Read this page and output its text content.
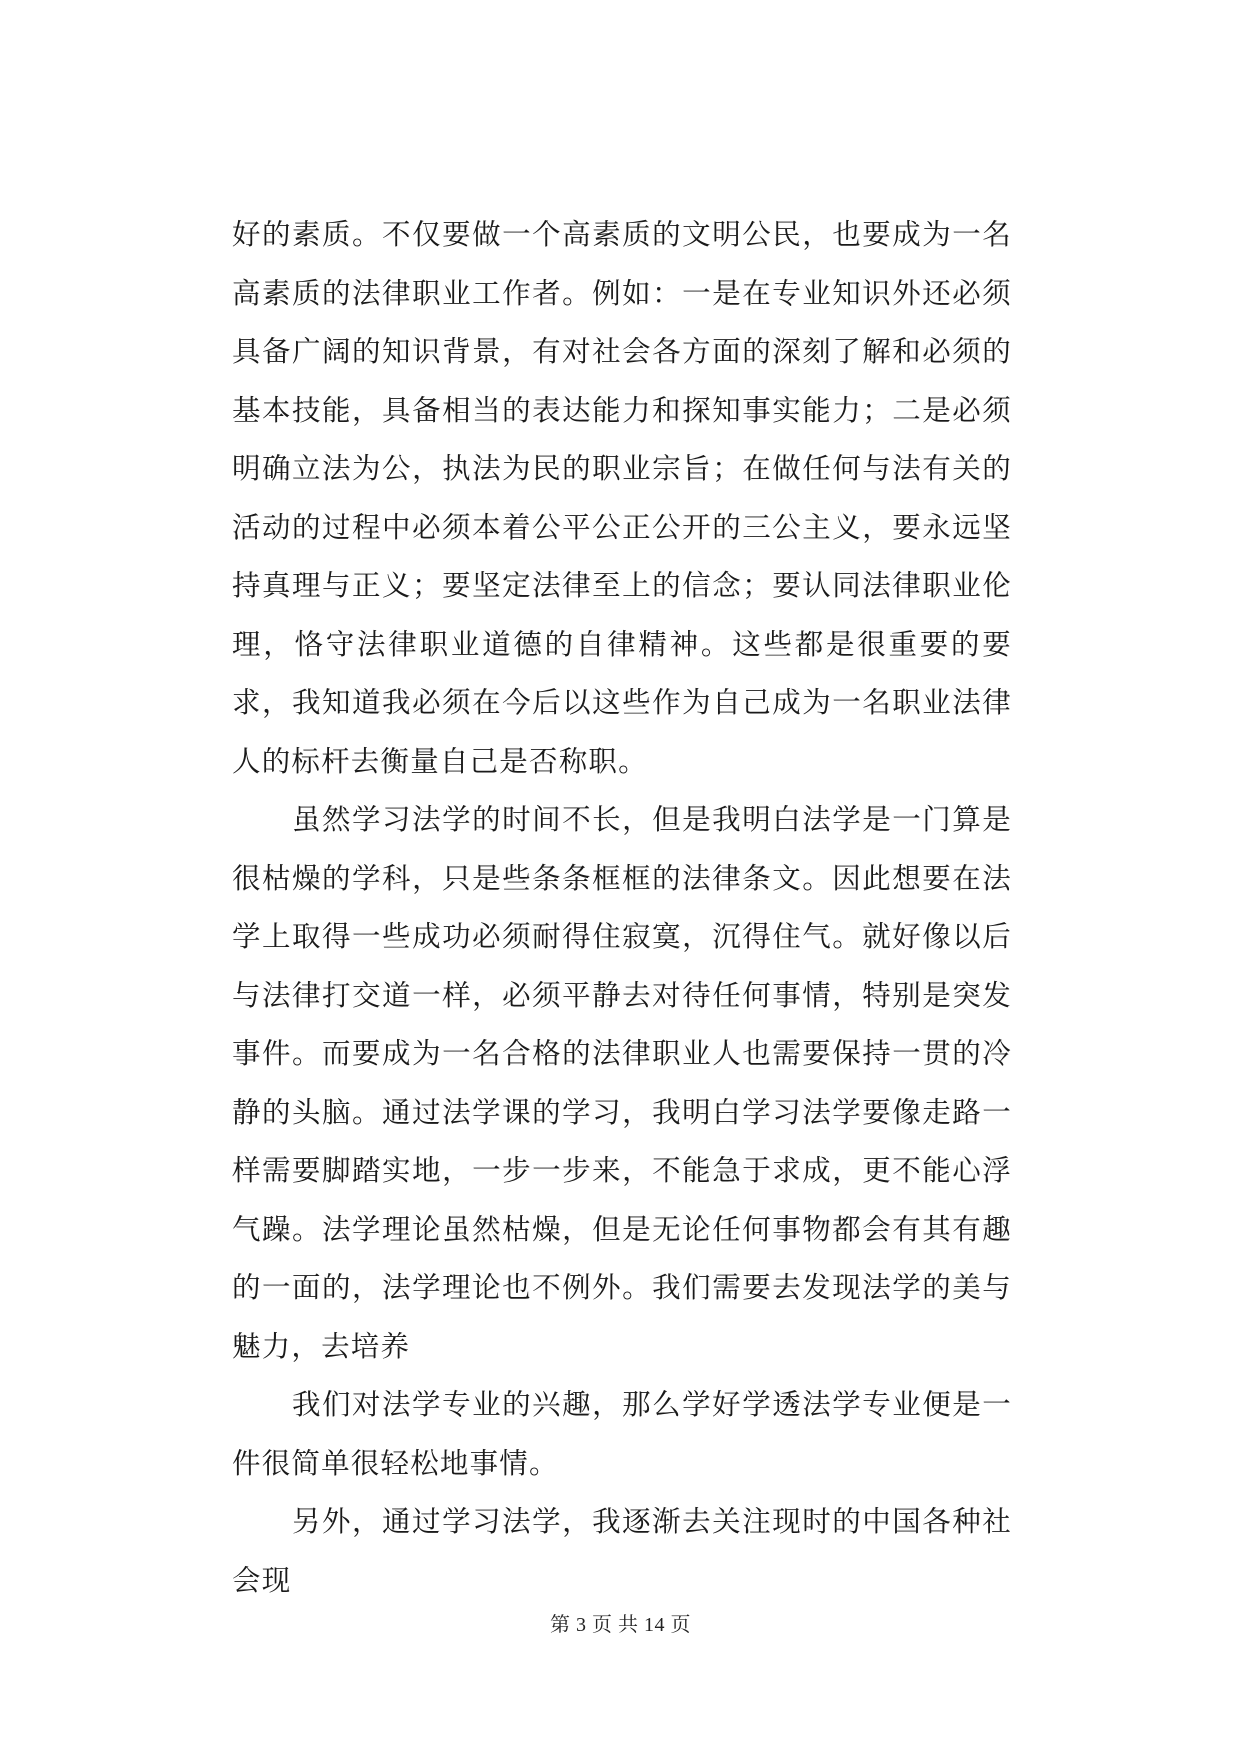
好的素质。不仅要做一个高素质的文明公民，也要成为一名高素质的法律职业工作者。例如：一是在专业知识外还必须具备广阔的知识背景，有对社会各方面的深刻了解和必须的基本技能，具备相当的表达能力和探知事实能力；二是必须明确立法为公，执法为民的职业宗旨；在做任何与法有关的活动的过程中必须本着公平公正公开的三公主义，要永远坚持真理与正义；要坚定法律至上的信念；要认同法律职业伦理，恪守法律职业道德的自律精神。这些都是很重要的要求，我知道我必须在今后以这些作为自己成为一名职业法律人的标杆去衡量自己是否称职。

虽然学习法学的时间不长，但是我明白法学是一门算是很枯燥的学科，只是些条条框框的法律条文。因此想要在法学上取得一些成功必须耐得住寂寞，沉得住气。就好像以后与法律打交道一样，必须平静去对待任何事情，特别是突发事件。而要成为一名合格的法律职业人也需要保持一贯的冷静的头脑。通过法学课的学习，我明白学习法学要像走路一样需要脚踏实地，一步一步来，不能急于求成，更不能心浮气躁。法学理论虽然枯燥，但是无论任何事物都会有其有趣的一面的，法学理论也不例外。我们需要去发现法学的美与魅力，去培养

我们对法学专业的兴趣，那么学好学透法学专业便是一件很简单很轻松地事情。

另外，通过学习法学，我逐渐去关注现时的中国各种社会现

第 3 页 共 14 页
